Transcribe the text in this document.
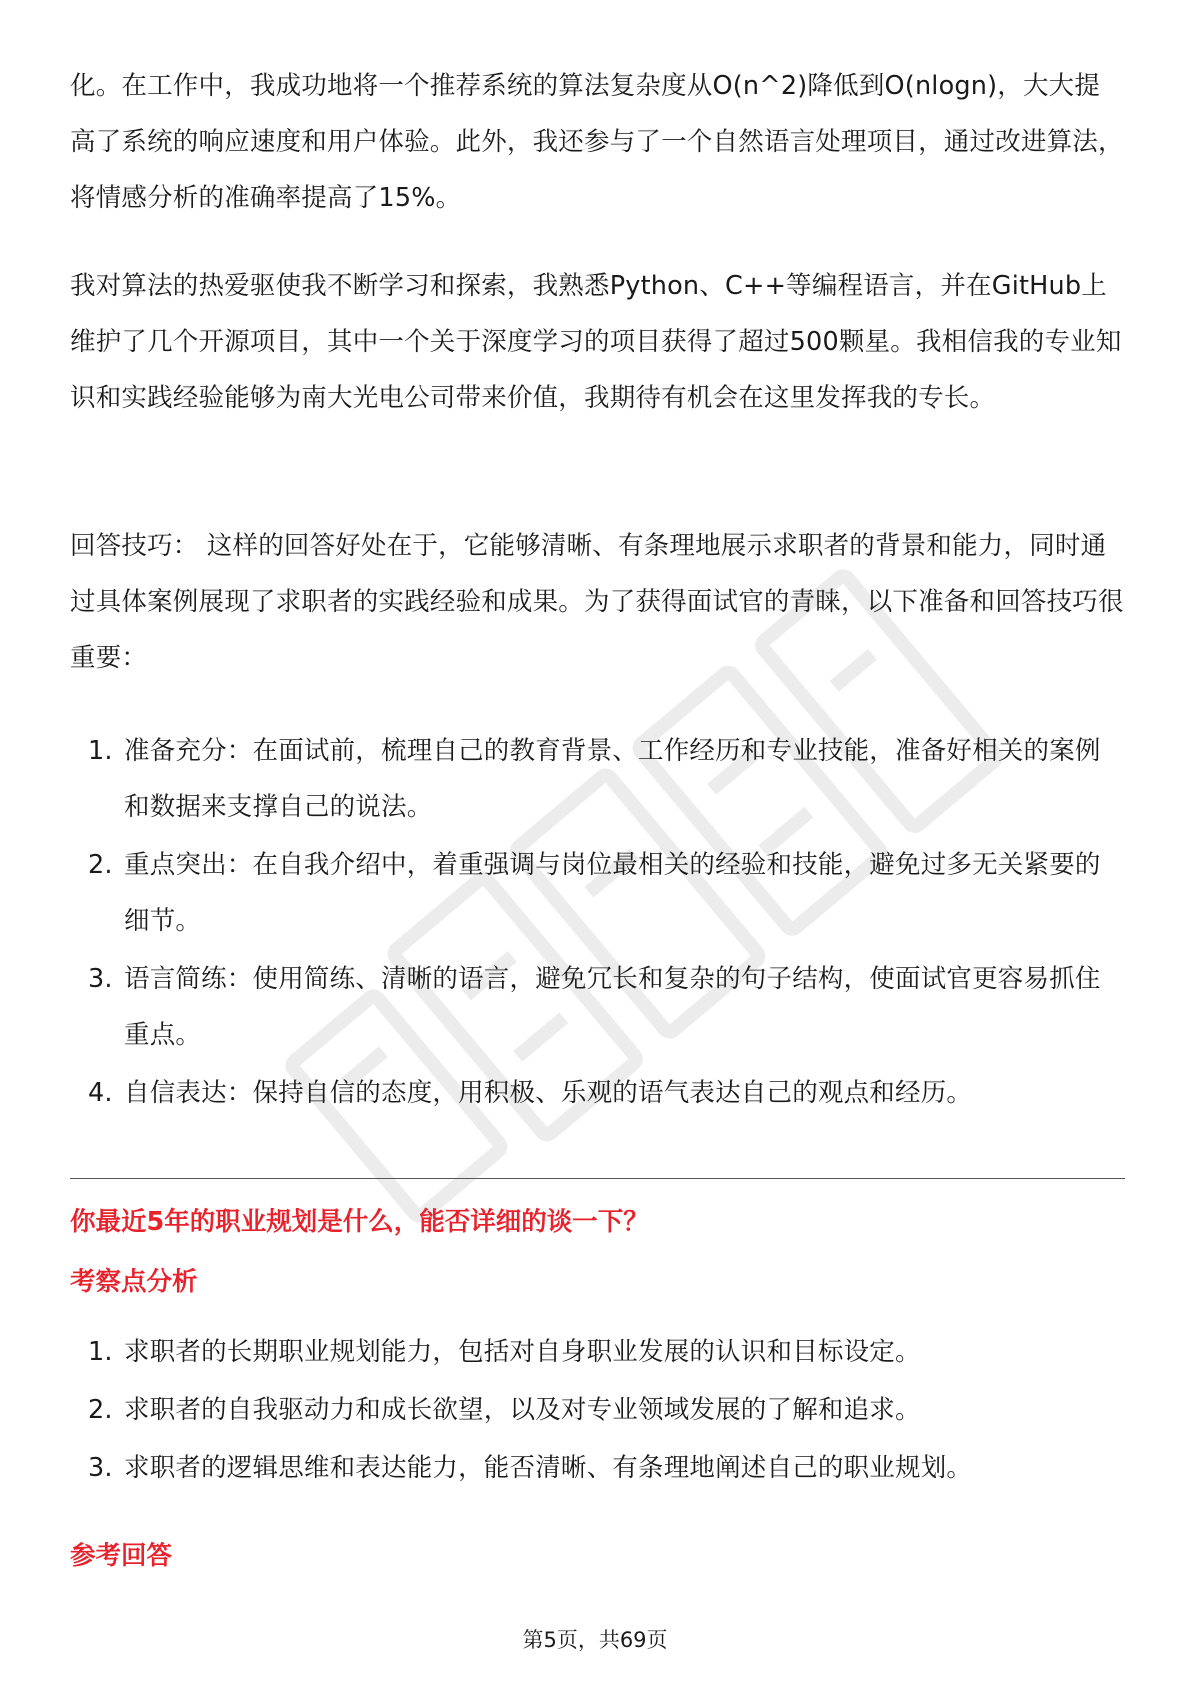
化。在工作中，我成功地将一个推荐系统的算法复杂度从O(n^2)降低到O(nlogn)，大大提高了系统的响应速度和用户体验。此外，我还参与了一个自然语言处理项目，通过改进算法，将情感分析的准确率提高了15%。

我对算法的热爱驱使我不断学习和探索，我熟悉Python、C++等编程语言，并在GitHub上维护了几个开源项目，其中一个关于深度学习的项目获得了超过500颗星。我相信我的专业知识和实践经验能够为南大光电公司带来价值，我期待有机会在这里发挥我的专长。

回答技巧： 这样的回答好处在于，它能够清晰、有条理地展示求职者的背景和能力，同时通过具体案例展现了求职者的实践经验和成果。为了获得面试官的青睐，以下准备和回答技巧很重要：

1. 准备充分：在面试前，梳理自己的教育背景、工作经历和专业技能，准备好相关的案例和数据来支撑自己的说法。
2. 重点突出：在自我介绍中，着重强调与岗位最相关的经验和技能，避免过多无关紧要的细节。
3. 语言简练：使用简练、清晰的语言，避免冗长和复杂的句子结构，使面试官更容易抓住重点。
4. 自信表达：保持自信的态度，用积极、乐观的语气表达自己的观点和经历。
1. 求职者的长期职业规划能力，包括对自身职业发展的认识和目标设定。
2. 求职者的自我驱动力和成长欲望，以及对专业领域发展的了解和追求。
3. 求职者的逻辑思维和表达能力，能否清晰、有条理地阐述自己的职业规划。
你最近5年的职业规划是什么，能否详细的谈一下？
考察点分析
参考回答
第5页，共69页
